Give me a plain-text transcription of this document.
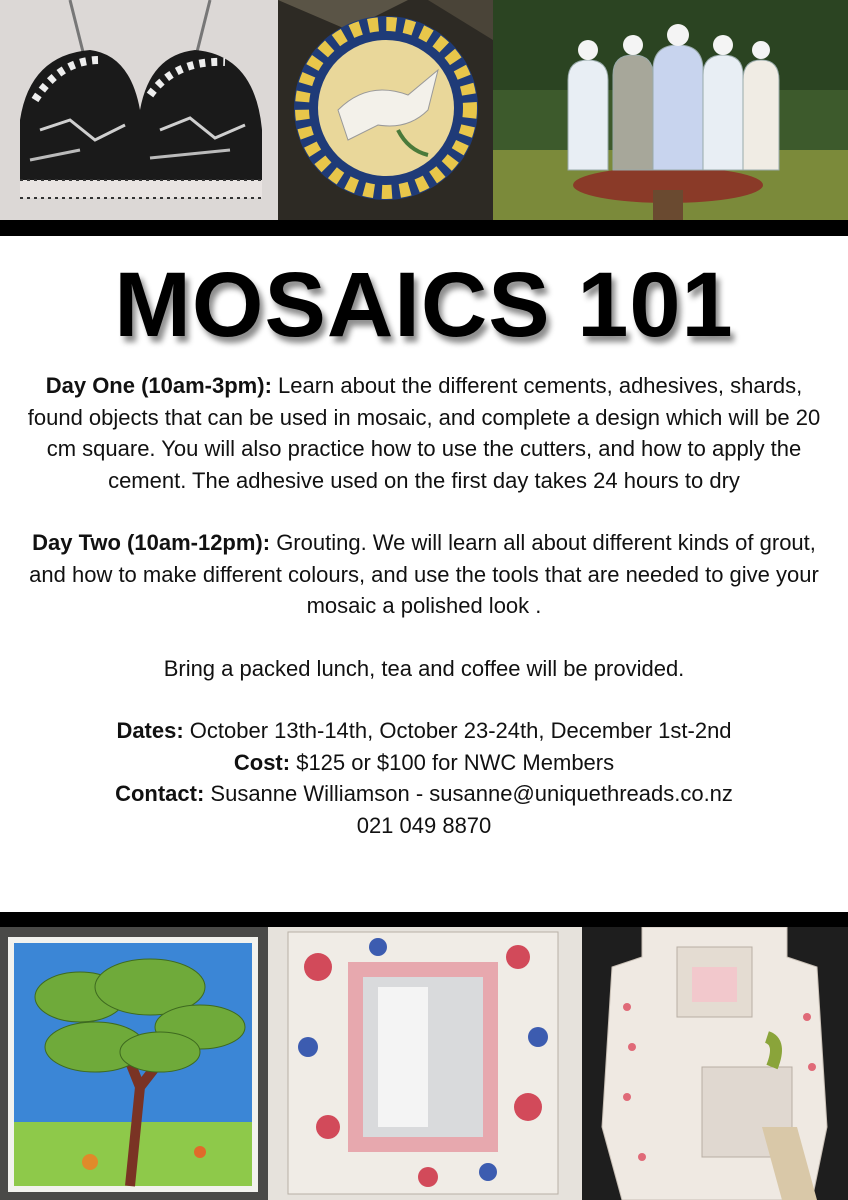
MOSAICS 101

Day One (10am-3pm): Learn about the different cements, adhesives, shards, found objects that can be used in mosaic, and complete a design which will be 20 cm square. You will also practice how to use the cutters, and how to apply the cement. The adhesive used on the first day takes 24 hours to dry

Day Two (10am-12pm): Grouting. We will learn all about different kinds of grout, and how to make different colours, and use the tools that are needed to give your mosaic a polished look .

Bring a packed lunch, tea and coffee will be provided.

Dates: October 13th-14th, October 23-24th, December 1st-2nd

Cost: $125 or $100 for NWC Members

Contact: Susanne Williamson - susanne@uniquethreads.co.nz

021 049 8870
